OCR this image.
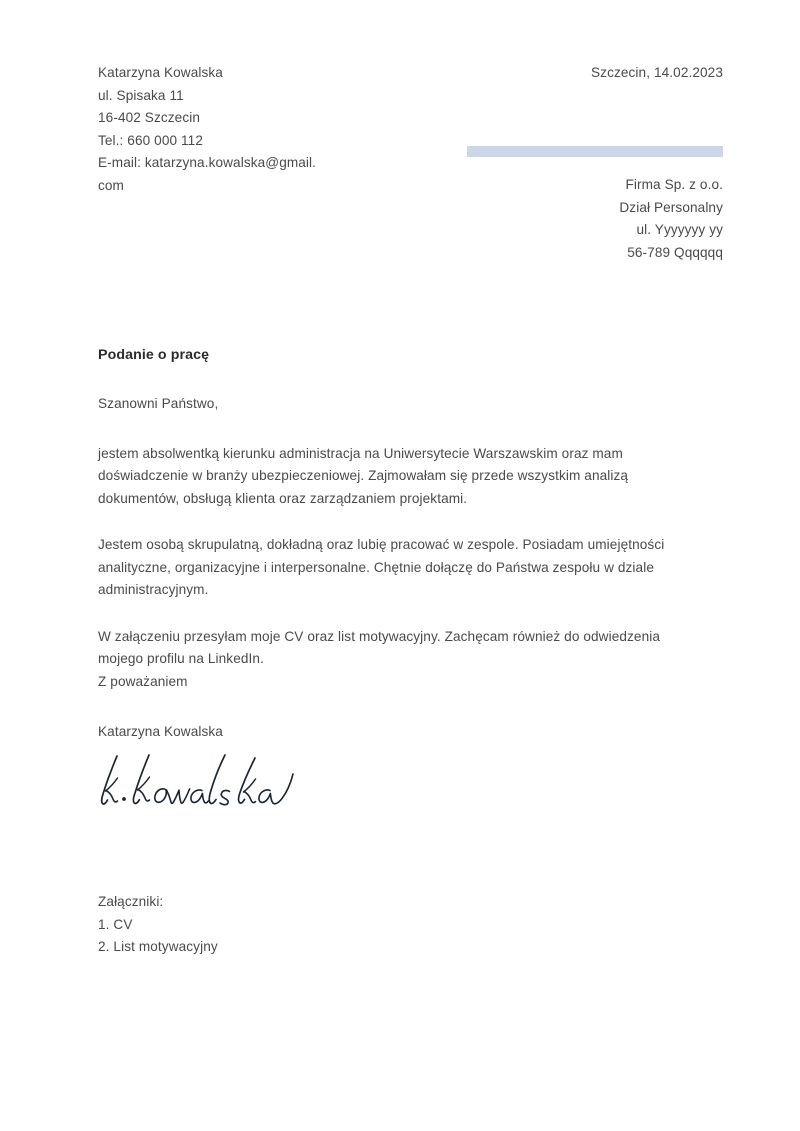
Katarzyna Kowalska
ul. Spisaka 11
16-402 Szczecin
Tel.: 660 000 112
E-mail: katarzyna.kowalska@gmail.
com
Szczecin, 14.02.2023
Firma Sp. z o.o.
Dział Personalny
ul. Yyyyyyy yy
56-789 Qqqqqq
Podanie o pracę

Szanowni Państwo,

jestem absolwentką kierunku administracja na Uniwersytecie Warszawskim oraz mam doświadczenie w branży ubezpieczeniowej. Zajmowałam się przede wszystkim analizą dokumentów, obsługą klienta oraz zarządzaniem projektami.

Jestem osobą skrupulatną, dokładną oraz lubię pracować w zespole. Posiadam umiejętności analityczne, organizacyjne i interpersonalne. Chętnie dołączę do Państwa zespołu w dziale administracyjnym.

W załączeniu przesyłam moje CV oraz list motywacyjny. Zachęcam również do odwiedzenia mojego profilu na LinkedIn.

Z poważaniem

Katarzyna Kowalska

Załączniki:
1. CV
2. List motywacyjny
